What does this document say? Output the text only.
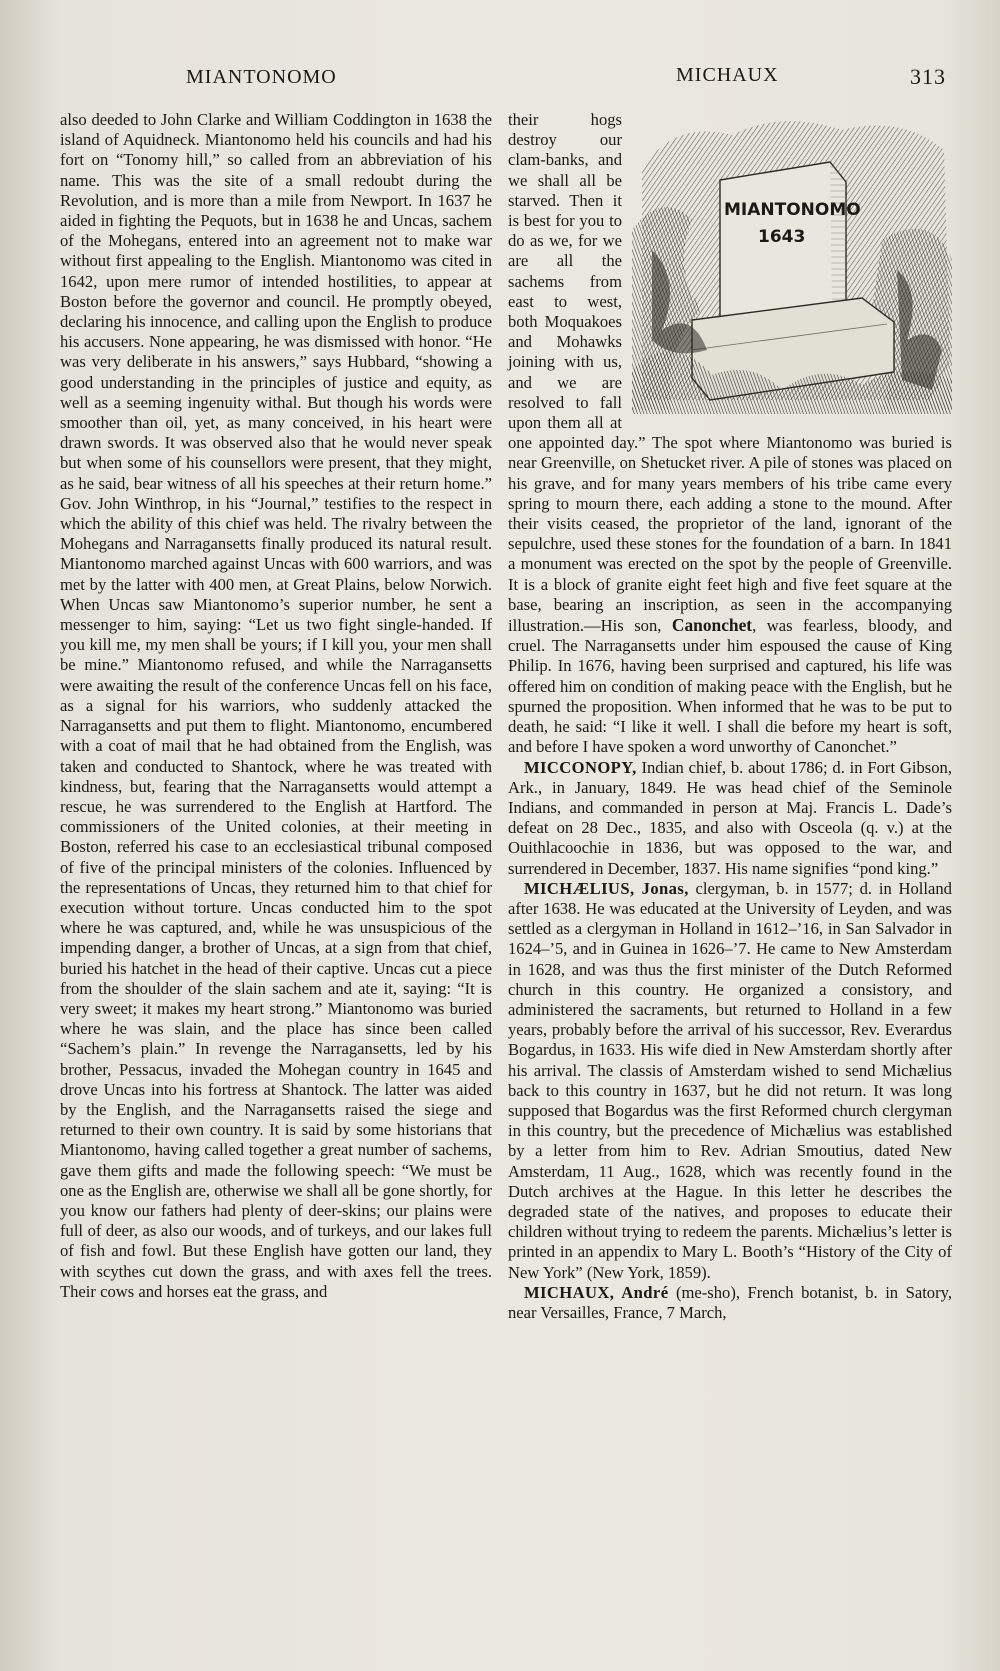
MIANTONOMO	MICHAUX	313

also deeded to John Clarke and William Coddington in 1638 the island of Aquidneck. Miantonomo held his councils and had his fort on “Tonomy hill,” so called from an abbreviation of his name. This was the site of a small redoubt during the Revolution, and is more than a mile from Newport. In 1637 he aided in fighting the Pequots, but in 1638 he and Uncas, sachem of the Mohegans, entered into an agreement not to make war without first appealing to the English. Miantonomo was cited in 1642, upon mere rumor of intended hostilities, to appear at Boston before the governor and council. He promptly obeyed, declaring his innocence, and calling upon the English to produce his accusers. None appearing, he was dismissed with honor. “He was very deliberate in his answers,” says Hubbard, “showing a good understanding in the principles of justice and equity, as well as a seeming ingenuity withal. But though his words were smoother than oil, yet, as many conceived, in his heart were drawn swords. It was observed also that he would never speak but when some of his counsellors were present, that they might, as he said, bear witness of all his speeches at their return home.” Gov. John Winthrop, in his “Journal,” testifies to the respect in which the ability of this chief was held. The rivalry between the Mohegans and Narragansetts finally produced its natural result. Miantonomo marched against Uncas with 600 warriors, and was met by the latter with 400 men, at Great Plains, below Norwich. When Uncas saw Miantonomo’s superior number, he sent a messenger to him, saying: “Let us two fight single-handed. If you kill me, my men shall be yours; if I kill you, your men shall be mine.” Miantonomo refused, and while the Narragansetts were awaiting the result of the conference Uncas fell on his face, as a signal for his warriors, who suddenly attacked the Narragansetts and put them to flight. Miantonomo, encumbered with a coat of mail that he had obtained from the English, was taken and conducted to Shantock, where he was treated with kindness, but, fearing that the Narragansetts would attempt a rescue, he was surrendered to the English at Hartford. The commissioners of the United colonies, at their meeting in Boston, referred his case to an ecclesiastical tribunal composed of five of the principal ministers of the colonies. Influenced by the representations of Uncas, they returned him to that chief for execution without torture. Uncas conducted him to the spot where he was captured, and, while he was unsuspicious of the impending danger, a brother of Uncas, at a sign from that chief, buried his hatchet in the head of their captive. Uncas cut a piece from the shoulder of the slain sachem and ate it, saying: “It is very sweet; it makes my heart strong.” Miantonomo was buried where he was slain, and the place has since been called “Sachem’s plain.” In revenge the Narragansetts, led by his brother, Pessacus, invaded the Mohegan country in 1645 and drove Uncas into his fortress at Shantock. The latter was aided by the English, and the Narragansetts raised the siege and returned to their own country. It is said by some historians that Miantonomo, having called together a great number of sachems, gave them gifts and made the following speech: “We must be one as the English are, otherwise we shall all be gone shortly, for you know our fathers had plenty of deer-skins; our plains were full of deer, as also our woods, and of turkeys, and our lakes full of fish and fowl. But these English have gotten our land, they with scythes cut down the grass, and with axes fell the trees. Their cows and horses eat the grass, and

MIANTONOMO
1643

their hogs destroy our clam-banks, and we shall all be starved. Then it is best for you to do as we, for we are all the sachems from east to west, both Moquakoes and Mohawks joining with us, and we are resolved to fall upon them all at one appointed day.” The spot where Miantonomo was buried is near Greenville, on Shetucket river. A pile of stones was placed on his grave, and for many years members of his tribe came every spring to mourn there, each adding a stone to the mound. After their visits ceased, the proprietor of the land, ignorant of the sepulchre, used these stones for the foundation of a barn. In 1841 a monument was erected on the spot by the people of Greenville. It is a block of granite eight feet high and five feet square at the base, bearing an inscription, as seen in the accompanying illustration.—His son, Canonchet, was fearless, bloody, and cruel. The Narragansetts under him espoused the cause of King Philip. In 1676, having been surprised and captured, his life was offered him on condition of making peace with the English, but he spurned the proposition. When informed that he was to be put to death, he said: “I like it well. I shall die before my heart is soft, and before I have spoken a word unworthy of Canonchet.”

MICCONOPY, Indian chief, b. about 1786; d. in Fort Gibson, Ark., in January, 1849. He was head chief of the Seminole Indians, and commanded in person at Maj. Francis L. Dade’s defeat on 28 Dec., 1835, and also with Osceola (q. v.) at the Ouithlacoochie in 1836, but was opposed to the war, and surrendered in December, 1837. His name signifies “pond king.”

MICHÆLIUS, Jonas, clergyman, b. in 1577; d. in Holland after 1638. He was educated at the University of Leyden, and was settled as a clergyman in Holland in 1612–’16, in San Salvador in 1624–’5, and in Guinea in 1626–’7. He came to New Amsterdam in 1628, and was thus the first minister of the Dutch Reformed church in this country. He organized a consistory, and administered the sacraments, but returned to Holland in a few years, probably before the arrival of his successor, Rev. Everardus Bogardus, in 1633. His wife died in New Amsterdam shortly after his arrival. The classis of Amsterdam wished to send Michælius back to this country in 1637, but he did not return. It was long supposed that Bogardus was the first Reformed church clergyman in this country, but the precedence of Michælius was established by a letter from him to Rev. Adrian Smoutius, dated New Amsterdam, 11 Aug., 1628, which was recently found in the Dutch archives at the Hague. In this letter he describes the degraded state of the natives, and proposes to educate their children without trying to redeem the parents. Michælius’s letter is printed in an appendix to Mary L. Booth’s “History of the City of New York” (New York, 1859).

MICHAUX, André (me-sho), French botanist, b. in Satory, near Versailles, France, 7 March,
